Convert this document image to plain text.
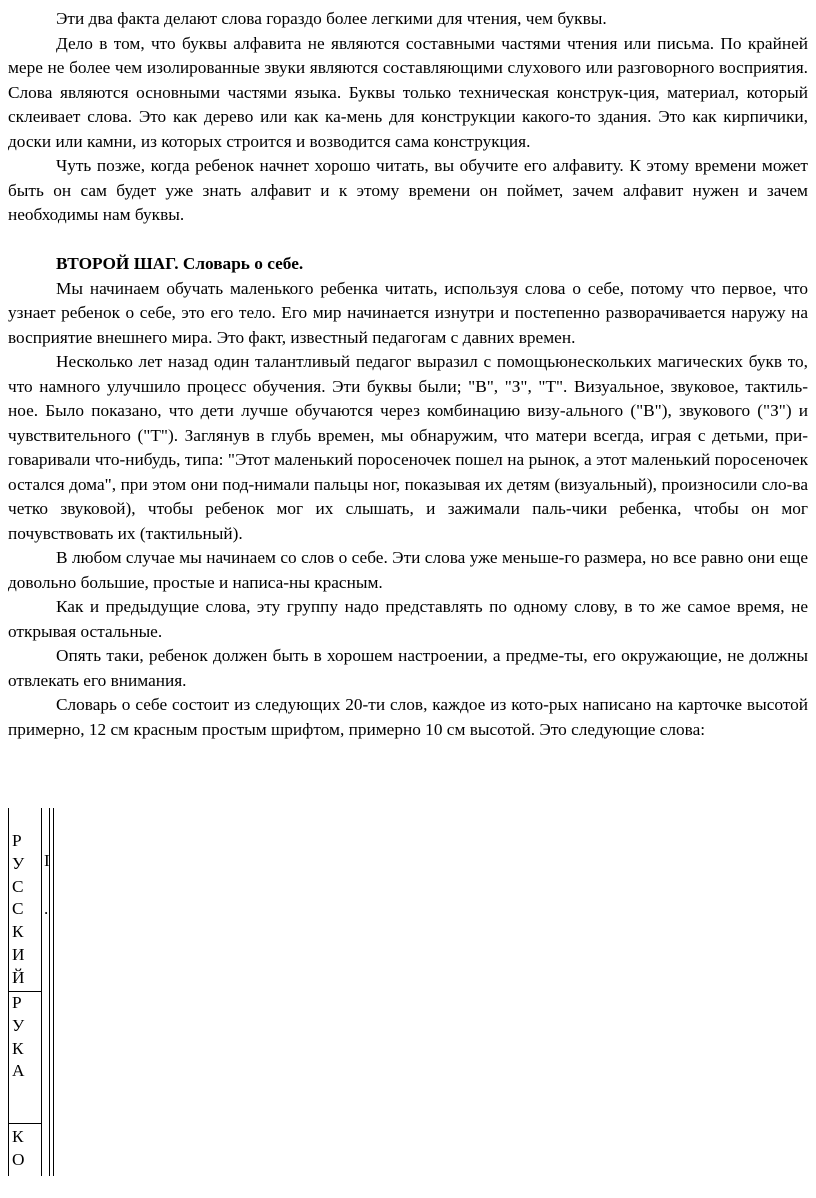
Эти два факта делают слова гораздо более легкими для чтения, чем буквы.

Дело в том, что буквы алфавита не являются составными частями чтения или письма. По крайней мере не более чем изолированные звуки являются составляющими слухового или разговорного восприятия. Слова являются основными частями языка. Буквы только техническая конструк-ция, материал, который склеивает слова. Это как дерево или как ка-мень для конструкции какого-то здания. Это как кирпичики, доски или камни, из которых строится и возводится сама конструкция.

Чуть позже, когда ребенок начнет хорошо читать, вы обучите его алфавиту. К этому времени может быть он сам будет уже знать алфавит и к этому времени он поймет, зачем алфавит нужен и зачем необходимы нам буквы.

ВТОРОЙ ШАГ. Словарь о себе.

Мы начинаем обучать маленького ребенка читать, используя слова о себе, потому что первое, что узнает ребенок о себе, это его тело. Его мир начинается изнутри и постепенно разворачивается наружу на восприятие внешнего мира. Это факт, известный педагогам с давних времен.

Несколько лет назад один талантливый педагог выразил с помощьюнескольких магических букв то, что намного улучшило процесс обучения. Эти буквы были; "В", "З", "Т". Визуальное, звуковое, тактиль-ное. Было показано, что дети лучше обучаются через комбинацию визу-ального ("В"), звукового ("З") и чувствительного ("Т"). Заглянув в глубь времен, мы обнаружим, что матери всегда, играя с детьми, при-говаривали что-нибудь, типа: "Этот маленький поросеночек пошел на рынок, а этот маленький поросеночек остался дома", при этом они под-нимали пальцы ног, показывая их детям (визуальный), произносили сло-ва четко звуковой), чтобы ребенок мог их слышать, и зажимали паль-чики ребенка, чтобы он мог почувствовать их (тактильный).

В любом случае мы начинаем со слов о себе. Эти слова уже меньше-го размера, но все равно они еще довольно большие, простые и написа-ны красным.

Как и предыдущие слова, эту группу надо представлять по одному слову, в то же самое время, не открывая остальные.

Опять таки, ребенок должен быть в хорошем настроении, а предме-ты, его окружающие, не должны отвлекать его внимания.

Словарь о себе состоит из следующих 20-ти слов, каждое из кото-рых написано на карточке высотой примерно, 12 см красным простым шрифтом, примерно 10 см высотой. Это следующие слова:

Р У С С К И Й
Р У К А
К О
I
.
